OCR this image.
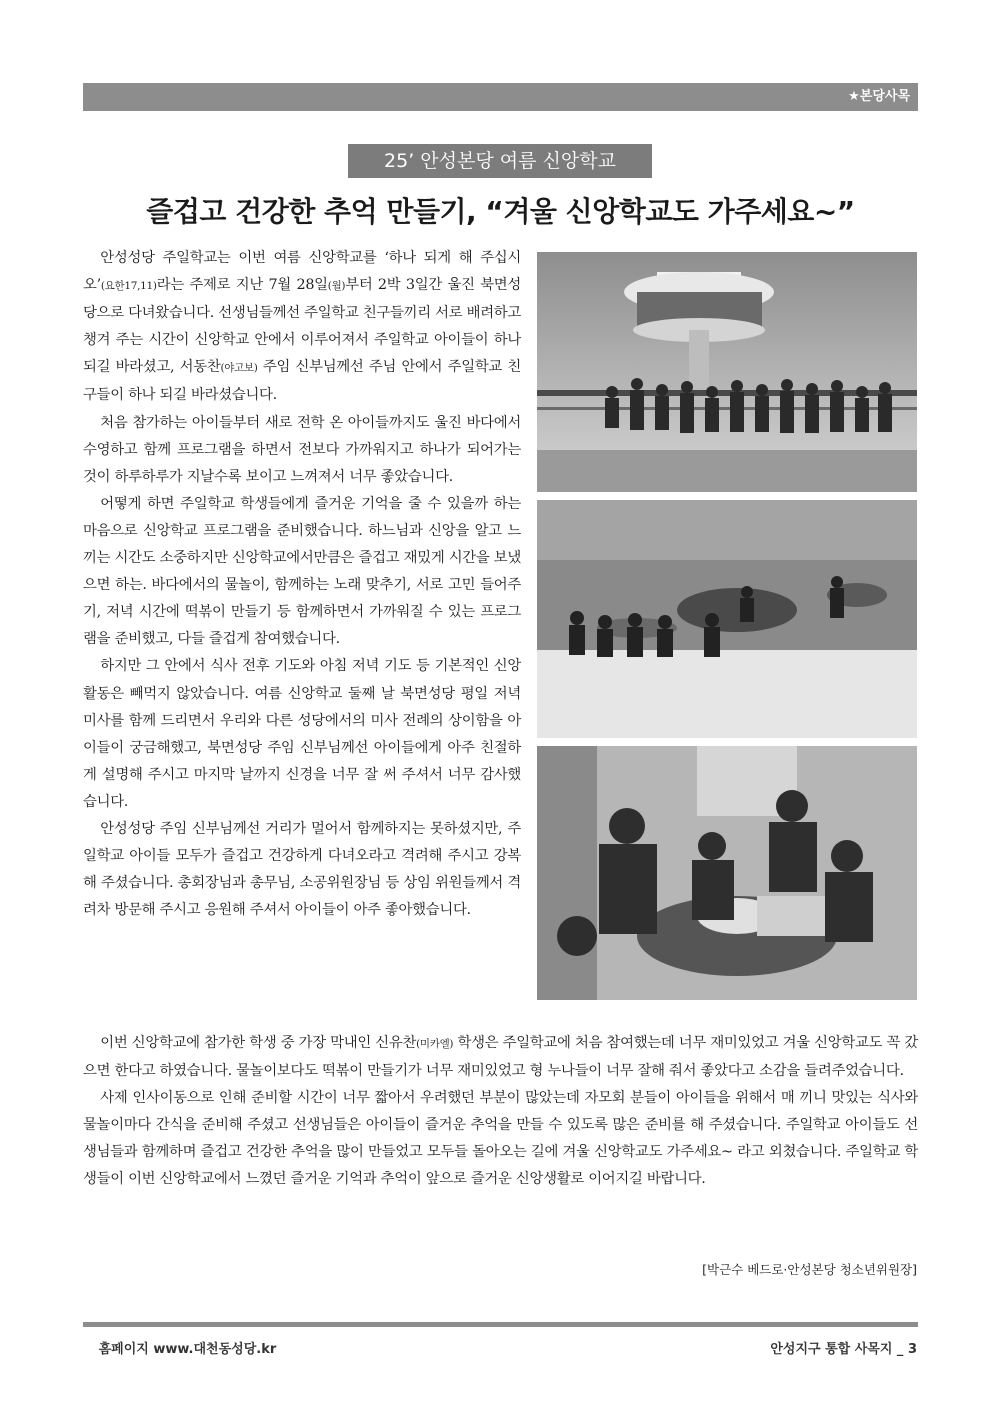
★본당사목
25’ 안성본당 여름 신앙학교
즐겁고 건강한 추억 만들기, “겨울 신앙학교도 가주세요~”

안성성당 주일학교는 이번 여름 신앙학교를 ‘하나 되게 해 주십시오’(요한17,11)라는 주제로 지난 7월 28일(월)부터 2박 3일간 울진 북면성당으로 다녀왔습니다. 선생님들께선 주일학교 친구들끼리 서로 배려하고 챙겨 주는 시간이 신앙학교 안에서 이루어져서 주일학교 아이들이 하나 되길 바라셨고, 서동찬(야고보) 주임 신부님께선 주님 안에서 주일학교 친구들이 하나 되길 바라셨습니다.

처음 참가하는 아이들부터 새로 전학 온 아이들까지도 울진 바다에서 수영하고 함께 프로그램을 하면서 전보다 가까워지고 하나가 되어가는 것이 하루하루가 지날수록 보이고 느껴져서 너무 좋았습니다.

어떻게 하면 주일학교 학생들에게 즐거운 기억을 줄 수 있을까 하는 마음으로 신앙학교 프로그램을 준비했습니다. 하느님과 신앙을 알고 느끼는 시간도 소중하지만 신앙학교에서만큼은 즐겁고 재밌게 시간을 보냈으면 하는. 바다에서의 물놀이, 함께하는 노래 맞추기, 서로 고민 들어주기, 저녁 시간에 떡볶이 만들기 등 함께하면서 가까워질 수 있는 프로그램을 준비했고, 다들 즐겁게 참여했습니다.

하지만 그 안에서 식사 전후 기도와 아침 저녁 기도 등 기본적인 신앙 활동은 빼먹지 않았습니다. 여름 신앙학교 둘째 날 북면성당 평일 저녁 미사를 함께 드리면서 우리와 다른 성당에서의 미사 전례의 상이함을 아이들이 궁금해했고, 북면성당 주임 신부님께선 아이들에게 아주 친절하게 설명해 주시고 마지막 날까지 신경을 너무 잘 써 주셔서 너무 감사했습니다.

안성성당 주임 신부님께선 거리가 멀어서 함께하지는 못하셨지만, 주일학교 아이들 모두가 즐겁고 건강하게 다녀오라고 격려해 주시고 강복해 주셨습니다. 총회장님과 총무님, 소공위원장님 등 상임 위원들께서 격려차 방문해 주시고 응원해 주셔서 아이들이 아주 좋아했습니다.

이번 신앙학교에 참가한 학생 중 가장 막내인 신유찬(미카엘) 학생은 주일학교에 처음 참여했는데 너무 재미있었고 겨울 신앙학교도 꼭 갔으면 한다고 하였습니다. 물놀이보다도 떡볶이 만들기가 너무 재미있었고 형 누나들이 너무 잘해 줘서 좋았다고 소감을 들려주었습니다.

사제 인사이동으로 인해 준비할 시간이 너무 짧아서 우려했던 부분이 많았는데 자모회 분들이 아이들을 위해서 매 끼니 맛있는 식사와 물놀이마다 간식을 준비해 주셨고 선생님들은 아이들이 즐거운 추억을 만들 수 있도록 많은 준비를 해 주셨습니다. 주일학교 아이들도 선생님들과 함께하며 즐겁고 건강한 추억을 많이 만들었고 모두들 돌아오는 길에 겨울 신앙학교도 가주세요~ 라고 외쳤습니다. 주일학교 학생들이 이번 신앙학교에서 느꼈던 즐거운 기억과 추억이 앞으로 즐거운 신앙생활로 이어지길 바랍니다.

[박근수 베드로·안성본당 청소년위원장]

홈페이지 www.대천동성당.kr	안성지구 통합 사목지 _ 3
